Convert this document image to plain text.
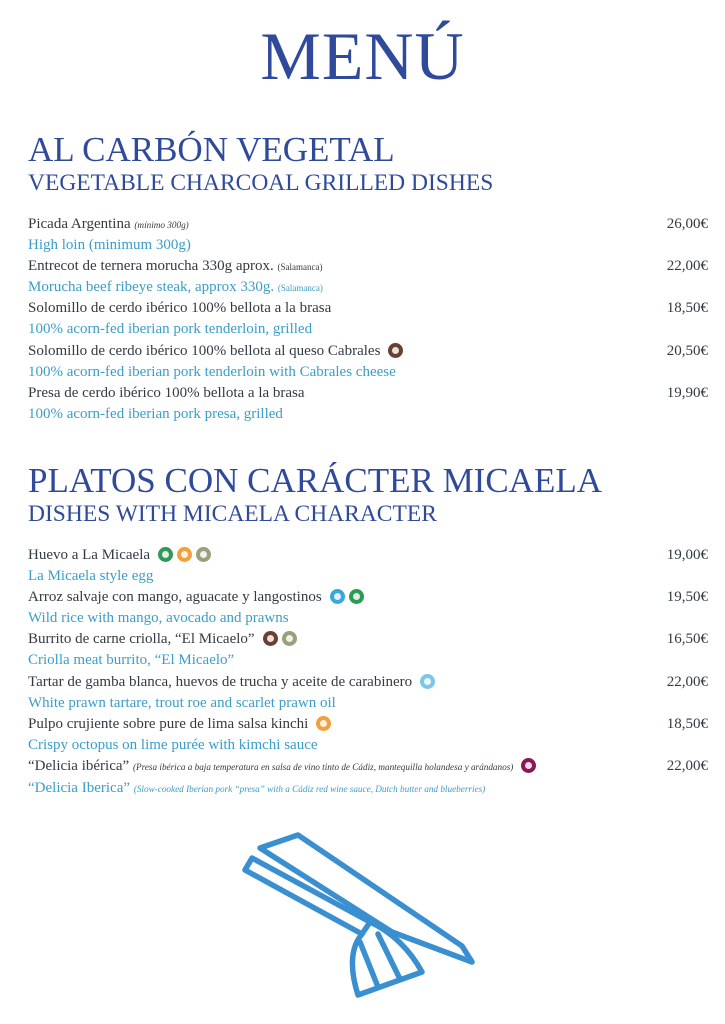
MENÚ
AL CARBÓN VEGETAL
VEGETABLE CHARCOAL GRILLED DISHES
Picada Argentina (mínimo 300g)	26,00€
High loin (minimum 300g)
Entrecot de ternera morucha 330g aprox. (Salamanca)	22,00€
Morucha beef ribeye steak, approx 330g. (Salamanca)
Solomillo de cerdo ibérico 100% bellota a la brasa	18,50€
100% acorn-fed iberian pork tenderloin, grilled
Solomillo de cerdo ibérico 100% bellota al queso Cabrales	20,50€
100% acorn-fed iberian pork tenderloin with Cabrales cheese
Presa de cerdo ibérico 100% bellota a la brasa	19,90€
100% acorn-fed iberian pork presa, grilled
PLATOS CON CARÁCTER MICAELA
DISHES WITH MICAELA CHARACTER
Huevo a La Micaela	19,00€
La Micaela style egg
Arroz salvaje con mango, aguacate y langostinos	19,50€
Wild rice with mango, avocado and prawns
Burrito de carne criolla, “El Micaelo”	16,50€
Criolla meat burrito, “El Micaelo”
Tartar de gamba blanca, huevos de trucha y aceite de carabinero	22,00€
White prawn tartare, trout roe and scarlet prawn oil
Pulpo crujiente sobre pure de lima salsa kinchi	18,50€
Crispy octopus on lime purée with kimchi sauce
“Delicia ibérica” (Presa ibérica a baja temperatura en salsa de vino tinto de Cádiz, mantequilla holandesa y arándanos)	22,00€
“Delicia Iberica” (Slow-cooked Iberian pork “presa” with a Cádiz red wine sauce, Dutch butter and blueberries)
